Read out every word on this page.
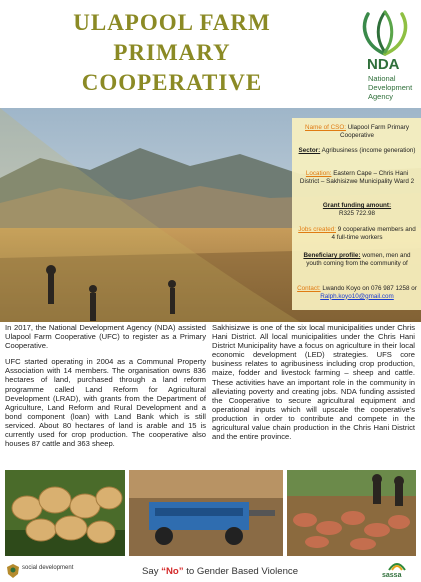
ULAPOOL FARM
PRIMARY
COOPERATIVE
NDA
National
Development
Agency
Name of CSO: Ulapool Farm Primary Cooperative
Sector: Agribusiness (income generation)
Location: Eastern Cape – Chris Hani District – Sakhisizwe Municipality Ward 2
Grant funding amount:
R325 722.98
Jobs created: 9 cooperative members and 4 full-time workers
Beneficiary profile: women, men and youth coming from the community of
Contact: Lwando Koyo on 076 987 1258 or Ralph.koyo10@gmail.com

In 2017, the National Development Agency (NDA) assisted Ulapool Farm Cooperative (UFC) to register as a Primary Cooperative.

UFC started operating in 2004 as a Communal Property Association with 14 members. The organisation owns 836 hectares of land, purchased through a land reform programme called Land Reform for Agricultural Development (LRAD), with grants from the Department of Agriculture, Land Reform and Rural Development and a bond component (loan) with Land Bank which is still serviced. About 80 hectares of land is arable and 15 is currently used for crop production. The cooperative also houses 87 cattle and 363 sheep.

Sakhisizwe is one of the six local municipalities under Chris Hani District. All local municipalities under the Chris Hani District Municipality have a focus on agriculture in their local economic development (LED) strategies. UFS core business relates to agribusiness including crop production, maize, fodder and livestock farming – sheep and cattle. These activities have an important role in the community in alleviating poverty and creating jobs. NDA funding assisted the Cooperative to secure agricultural equipment and operational inputs which will upscale the cooperative's production in order to contribute and compete in the agricultural value chain production in the Chris Hani District and the entire province.

social development	Say “No” to Gender Based Violence	sassa
